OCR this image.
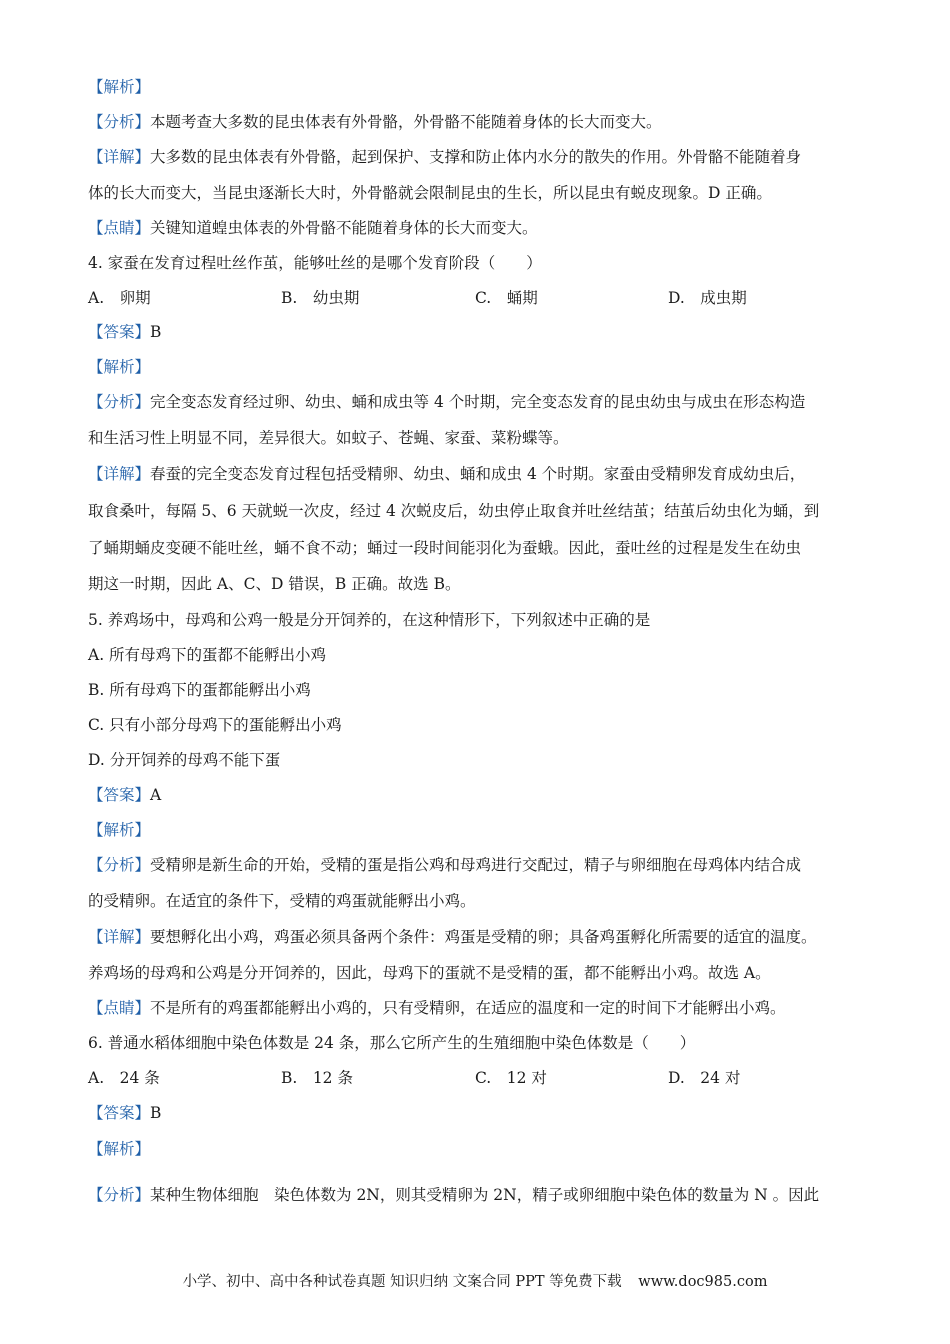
【解析】
【分析】本题考查大多数的昆虫体表有外骨骼，外骨骼不能随着身体的长大而变大。
【详解】大多数的昆虫体表有外骨骼，起到保护、支撑和防止体内水分的散失的作用。外骨骼不能随着身
体的长大而变大，当昆虫逐渐长大时，外骨骼就会限制昆虫的生长，所以昆虫有蜕皮现象。D 正确。
【点睛】关键知道蝗虫体表的外骨骼不能随着身体的长大而变大。
4. 家蚕在发育过程吐丝作茧，能够吐丝的是哪个发育阶段（　　）
A.　卵期	B.　幼虫期	C.　蛹期	D.　成虫期
【答案】B
【解析】
【分析】完全变态发育经过卵、幼虫、蛹和成虫等 4 个时期，完全变态发育的昆虫幼虫与成虫在形态构造
和生活习性上明显不同，差异很大。如蚊子、苍蝇、家蚕、菜粉蝶等。
【详解】春蚕的完全变态发育过程包括受精卵、幼虫、蛹和成虫 4 个时期。家蚕由受精卵发育成幼虫后，
取食桑叶，每隔 5、6 天就蜕一次皮，经过 4 次蜕皮后，幼虫停止取食并吐丝结茧；结茧后幼虫化为蛹，到
了蛹期蛹皮变硬不能吐丝，蛹不食不动；蛹过一段时间能羽化为蚕蛾。因此，蚕吐丝的过程是发生在幼虫
期这一时期，因此 A、C、D 错误，B 正确。故选 B。
5. 养鸡场中，母鸡和公鸡一般是分开饲养的，在这种情形下，下列叙述中正确的是
A. 所有母鸡下的蛋都不能孵出小鸡
B. 所有母鸡下的蛋都能孵出小鸡
C. 只有小部分母鸡下的蛋能孵出小鸡
D. 分开饲养的母鸡不能下蛋
【答案】A
【解析】
【分析】受精卵是新生命的开始，受精的蛋是指公鸡和母鸡进行交配过，精子与卵细胞在母鸡体内结合成
的受精卵。在适宜的条件下，受精的鸡蛋就能孵出小鸡。
【详解】要想孵化出小鸡，鸡蛋必须具备两个条件：鸡蛋是受精的卵；具备鸡蛋孵化所需要的适宜的温度。
养鸡场的母鸡和公鸡是分开饲养的，因此，母鸡下的蛋就不是受精的蛋，都不能孵出小鸡。故选 A。
【点睛】不是所有的鸡蛋都能孵出小鸡的，只有受精卵，在适应的温度和一定的时间下才能孵出小鸡。
6. 普通水稻体细胞中染色体数是 24 条，那么它所产生的生殖细胞中染色体数是（　　）
A.　24 条	B.　12 条	C.　12 对	D.　24 对
【答案】B
【解析】
【分析】某种生物体细胞　染色体数为 2N，则其受精卵为 2N，精子或卵细胞中染色体的数量为 N 。因此
小学、初中、高中各种试卷真题 知识归纳 文案合同 PPT 等免费下载 www.doc985.com
